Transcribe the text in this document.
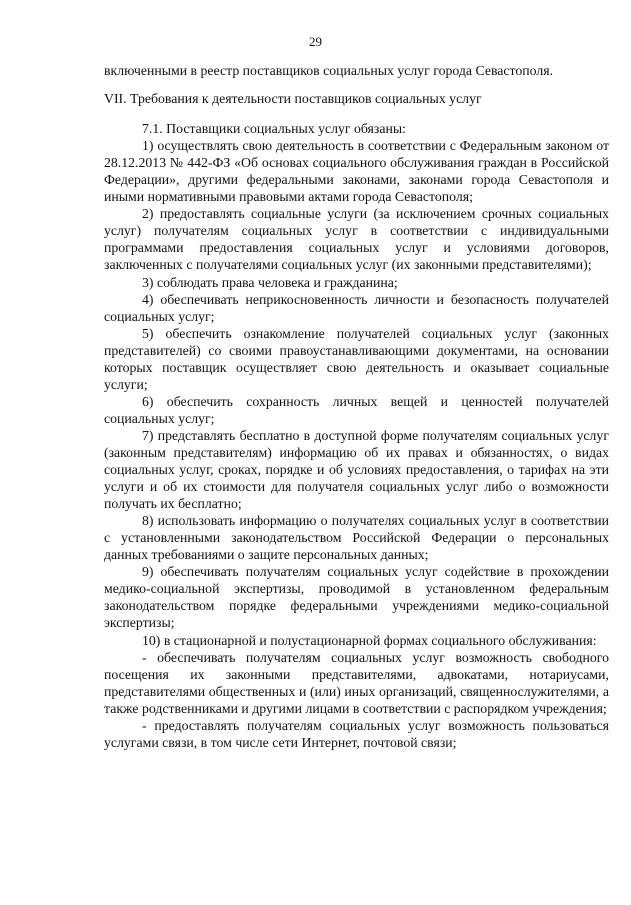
29

включенными в реестр поставщиков социальных услуг города Севастополя.

VII. Требования к деятельности поставщиков социальных услуг

7.1. Поставщики социальных услуг обязаны:

1) осуществлять свою деятельность в соответствии с Федеральным законом от 28.12.2013 № 442-ФЗ «Об основах социального обслуживания граждан в Российской Федерации», другими федеральными законами, законами города Севастополя и иными нормативными правовыми актами города Севастополя;

2) предоставлять социальные услуги (за исключением срочных социальных услуг) получателям социальных услуг в соответствии с индивидуальными программами предоставления социальных услуг и условиями договоров, заключенных с получателями социальных услуг (их законными представителями);

3) соблюдать права человека и гражданина;

4) обеспечивать неприкосновенность личности и безопасность получателей социальных услуг;

5) обеспечить ознакомление получателей социальных услуг (законных представителей) со своими правоустанавливающими документами, на основании которых поставщик осуществляет свою деятельность и оказывает социальные услуги;

6) обеспечить сохранность личных вещей и ценностей получателей социальных услуг;

7) представлять бесплатно в доступной форме получателям социальных услуг (законным представителям) информацию об их правах и обязанностях, о видах социальных услуг, сроках, порядке и об условиях предоставления, о тарифах на эти услуги и об их стоимости для получателя социальных услуг либо о возможности получать их бесплатно;

8) использовать информацию о получателях социальных услуг в соответствии с установленными законодательством Российской Федерации о персональных данных требованиями о защите персональных данных;

9) обеспечивать получателям социальных услуг содействие в прохождении медико-социальной экспертизы, проводимой в установленном федеральным законодательством порядке федеральными учреждениями медико-социальной экспертизы;

10) в стационарной и полустационарной формах социального обслуживания:

- обеспечивать получателям социальных услуг возможность свободного посещения их законными представителями, адвокатами, нотариусами, представителями общественных и (или) иных организаций, священнослужителями, а также родственниками и другими лицами в соответствии с распорядком учреждения;

- предоставлять получателям социальных услуг возможность пользоваться услугами связи, в том числе сети Интернет, почтовой связи;
